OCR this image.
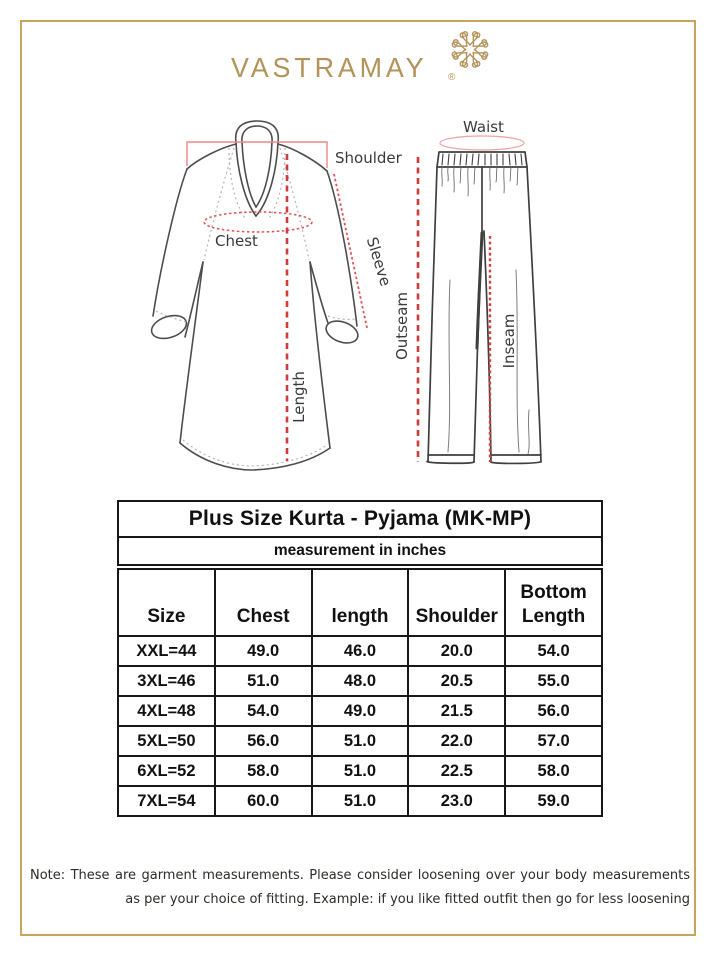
VASTRAMAY ®
Shoulder
Chest	Sleeve
Length
Waist
Outseam	Inseam
Plus Size Kurta - Pyjama (MK-MP)
measurement in inches
Size	Chest	length	Shoulder	Bottom Length
XXL=44	49.0	46.0	20.0	54.0
3XL=46	51.0	48.0	20.5	55.0
4XL=48	54.0	49.0	21.5	56.0
5XL=50	56.0	51.0	22.0	57.0
6XL=52	58.0	51.0	22.5	58.0
7XL=54	60.0	51.0	23.0	59.0
Note: These are garment measurements. Please consider loosening over your body measurements
as per your choice of fitting. Example: if you like fitted outfit then go for less loosening
